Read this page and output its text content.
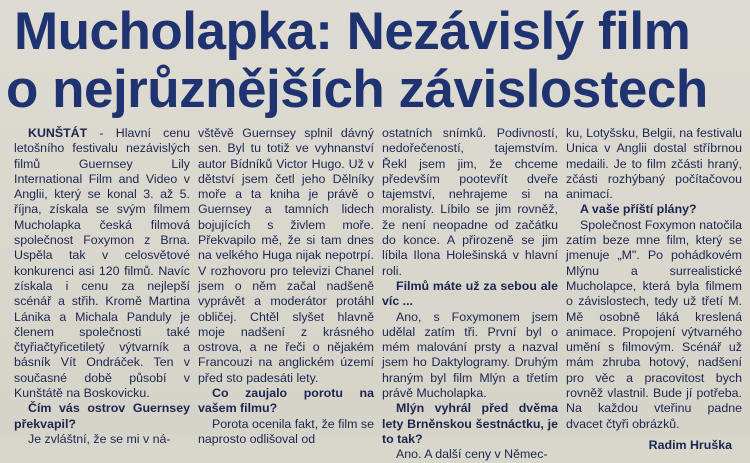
Mucholapka: Nezávislý film
o nejrůznějších závislostech

KUNŠTÁT - Hlavní cenu letošního festivalu nezávislých filmů Guernsey Lily International Film and Video v Anglii, který se konal 3. až 5. října, získala se svým filmem Mucholapka česká filmová společnost Foxymon z Brna. Uspěla tak v celosvětové konkurenci asi 120 filmů. Navíc získala i cenu za nejlepší scénář a střih. Kromě Martina Lánika a Michala Panduly je členem společnosti také čtyřiačtyřicetiletý výtvarník a básník Vít Ondráček. Ten v současné době působí v Kunštátě na Boskovicku.

Čím vás ostrov Guernsey překvapil?

Je zvláštní, že se mi v ná-

vštěvě Guernsey splnil dávný sen. Byl tu totiž ve vyhnanství autor Bídníků Victor Hugo. Už v dětství jsem četl jeho Dělníky moře a ta kniha je právě o Guernsey a tamních lidech bojujících s živlem moře. Překvapilo mě, že si tam dnes na velkého Huga nijak nepotrpí. V rozhovoru pro televizi Chanel jsem o něm začal nadšeně vyprávět a moderátor protáhl obličej. Chtěl slyšet hlavně moje nadšení z krásného ostrova, a ne řeči o nějakém Francouzi na anglickém území před sto padesáti lety.

Co zaujalo porotu na vašem filmu?

Porota ocenila fakt, že film se naprosto odlišoval od

ostatních snímků. Podivností, nedořečeností, tajemstvím. Řekl jsem jim, že chceme především pootevřít dveře tajemství, nehrajeme si na moralisty. Líbilo se jim rovněž, že není neopadne od začátku do konce. A přirozeně se jim líbila Ilona Holešinská v hlavní roli.

Filmů máte už za sebou ale víc ...

Ano, s Foxymonem jsem udělal zatím tři. První byl o mém malování prsty a nazval jsem ho Daktylogramy. Druhým hraným byl film Mlýn a třetím právě Mucholapka.

Mlýn vyhrál před dvěma lety Brněnskou šestnáctku, je to tak?

Ano. A další ceny v Němec-

ku, Lotyšsku, Belgii, na festivalu Unica v Anglii dostal stříbrnou medaili. Je to film zčásti hraný, zčásti rozhýbaný počítačovou animací.

A vaše příští plány?

Společnost Foxymon natočila zatím beze mne film, který se jmenuje „M". Po pohádkovém Mlýnu a surrealistické Mucholapce, která byla filmem o závislostech, tedy už třetí M. Mě osobně láká kreslená animace. Propojení výtvarného umění s filmovým. Scénář už mám zhruba hotový, nadšení pro věc a pracovitost bych rovněž vlastnil. Bude jí potřeba. Na každou vteřinu padne dvacet čtyři obrázků.

Radim Hruška
